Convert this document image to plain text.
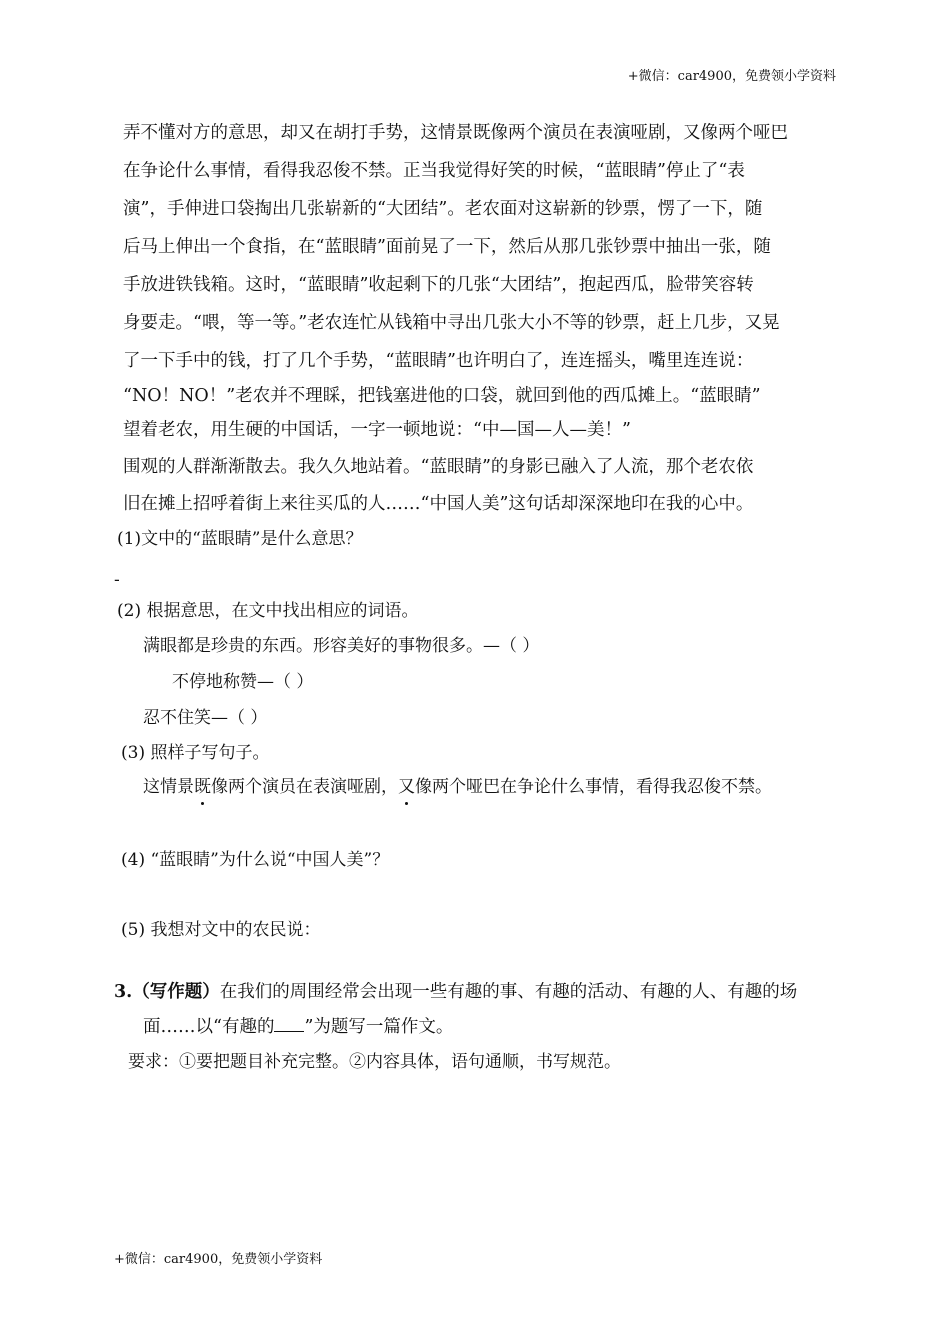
+微信：car4900，免费领小学资料
弄不懂对方的意思，却又在胡打手势，这情景既像两个演员在表演哑剧，又像两个哑巴
在争论什么事情，看得我忍俊不禁。正当我觉得好笑的时候，“蓝眼睛”停止了“表
演”，手伸进口袋掏出几张崭新的“大团结”。老农面对这崭新的钞票，愣了一下，随
后马上伸出一个食指，在“蓝眼睛”面前晃了一下，然后从那几张钞票中抽出一张，随
手放进铁钱箱。这时，“蓝眼睛”收起剩下的几张“大团结”，抱起西瓜，脸带笑容转
身要走。“喂，等一等。”老农连忙从钱箱中寻出几张大小不等的钞票，赶上几步，又晃
了一下手中的钱，打了几个手势，“蓝眼睛”也许明白了，连连摇头，嘴里连连说：
“NO！NO！”老农并不理睬，把钱塞进他的口袋，就回到他的西瓜摊上。“蓝眼睛”
望着老农，用生硬的中国话，一字一顿地说：“中—国—人—美！”
围观的人群渐渐散去。我久久地站着。“蓝眼睛”的身影已融入了人流，那个老农依
旧在摊上招呼着街上来往买瓜的人……“中国人美”这句话却深深地印在我的心中。
(1)文中的“蓝眼睛”是什么意思？
-
(2) 根据意思，在文中找出相应的词语。
满眼都是珍贵的东西。形容美好的事物很多。—（ ）
不停地称赞—（ ）
忍不住笑—（ ）
(3) 照样子写句子。
这情景既像两个演员在表演哑剧，又像两个哑巴在争论什么事情，看得我忍俊不禁。
(4) “蓝眼睛”为什么说“中国人美”？
(5) 我想对文中的农民说：
3.（写作题）在我们的周围经常会出现一些有趣的事、有趣的活动、有趣的人、有趣的场
面……以“有趣的 ”为题写一篇作文。
要求：①要把题目补充完整。②内容具体，语句通顺，书写规范。
+微信：car4900，免费领小学资料
